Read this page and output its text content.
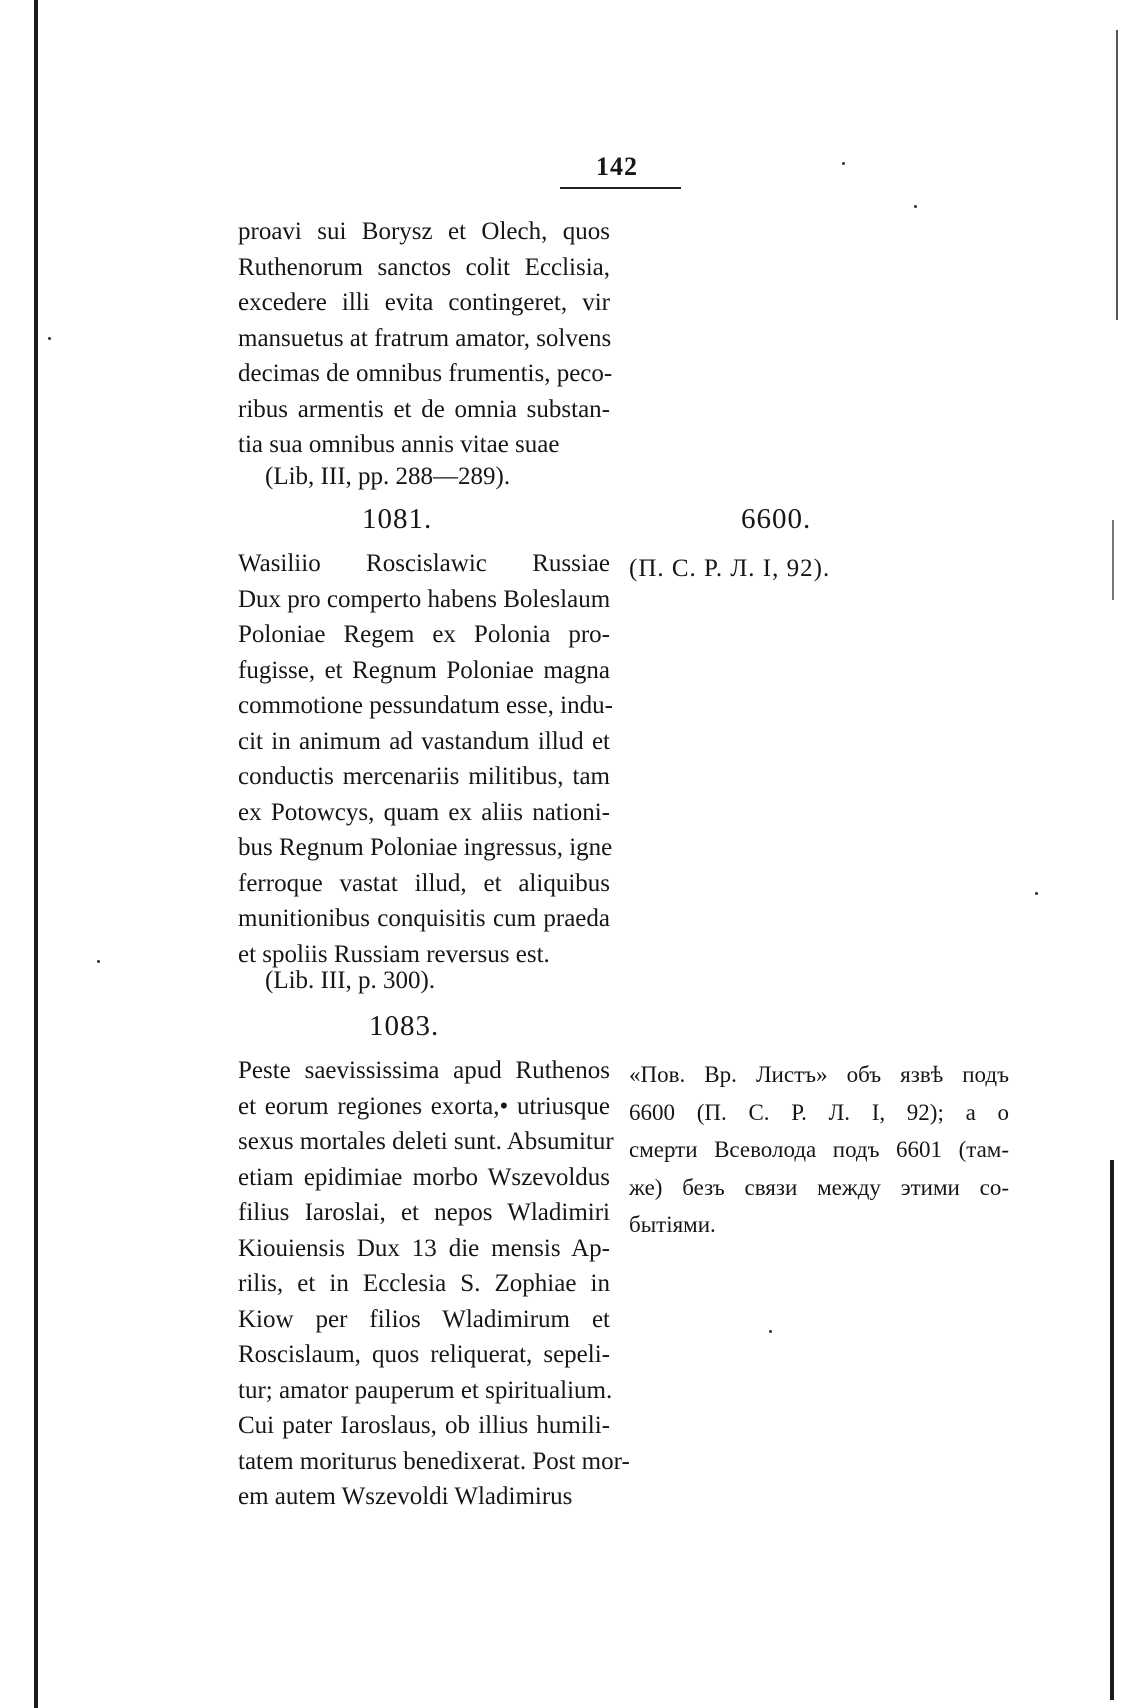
142
proavi sui Borysz et Olech, quos
Ruthenorum sanctos colit Ecclisia,
excedere illi evita contingeret, vir
mansuetus at fratrum amator, solvens
decimas de omnibus frumentis, peco-
ribus armentis et de omnia substan-
tia sua omnibus annis vitae suae
(Lib, III, pp. 288—289).
1081.	6600.
Wasiliio Roscislawic Russiae
Dux pro comperto habens Boleslaum
Poloniae Regem ex Polonia pro-
fugisse, et Regnum Poloniae magna
commotione pessundatum esse, indu-
cit in animum ad vastandum illud et
conductis mercenariis militibus, tam
ex Potowcys, quam ex aliis nationi-
bus Regnum Poloniae ingressus, igne
ferroque vastat illud, et aliquibus
munitionibus conquisitis cum praeda
et spoliis Russiam reversus est.
(П. С. Р. Л. I, 92).
(Lib. III, p. 300).
1083.
Peste saevississima apud Ruthenos
et eorum regiones exorta,• utriusque
sexus mortales deleti sunt. Absumitur
etiam epidimiae morbo Wszevoldus
filius Iaroslai, et nepos Wladimiri
Kiouiensis Dux 13 die mensis Ap-
rilis, et in Ecclesia S. Zophiae in
Kiow per filios Wladimirum et
Roscislaum, quos reliquerat, sepeli-
tur; amator pauperum et spiritualium.
Cui pater Iaroslaus, ob illius humili-
tatem moriturus benedixerat. Post mor-
em autem Wszevoldi Wladimirus
«Пов. Вр. Листъ» объ язвѣ подъ
6600 (П. С. Р. Л. I, 92); а о
смерти Всеволода подъ 6601 (там-
же) безъ связи между этими со-
бытіями.
